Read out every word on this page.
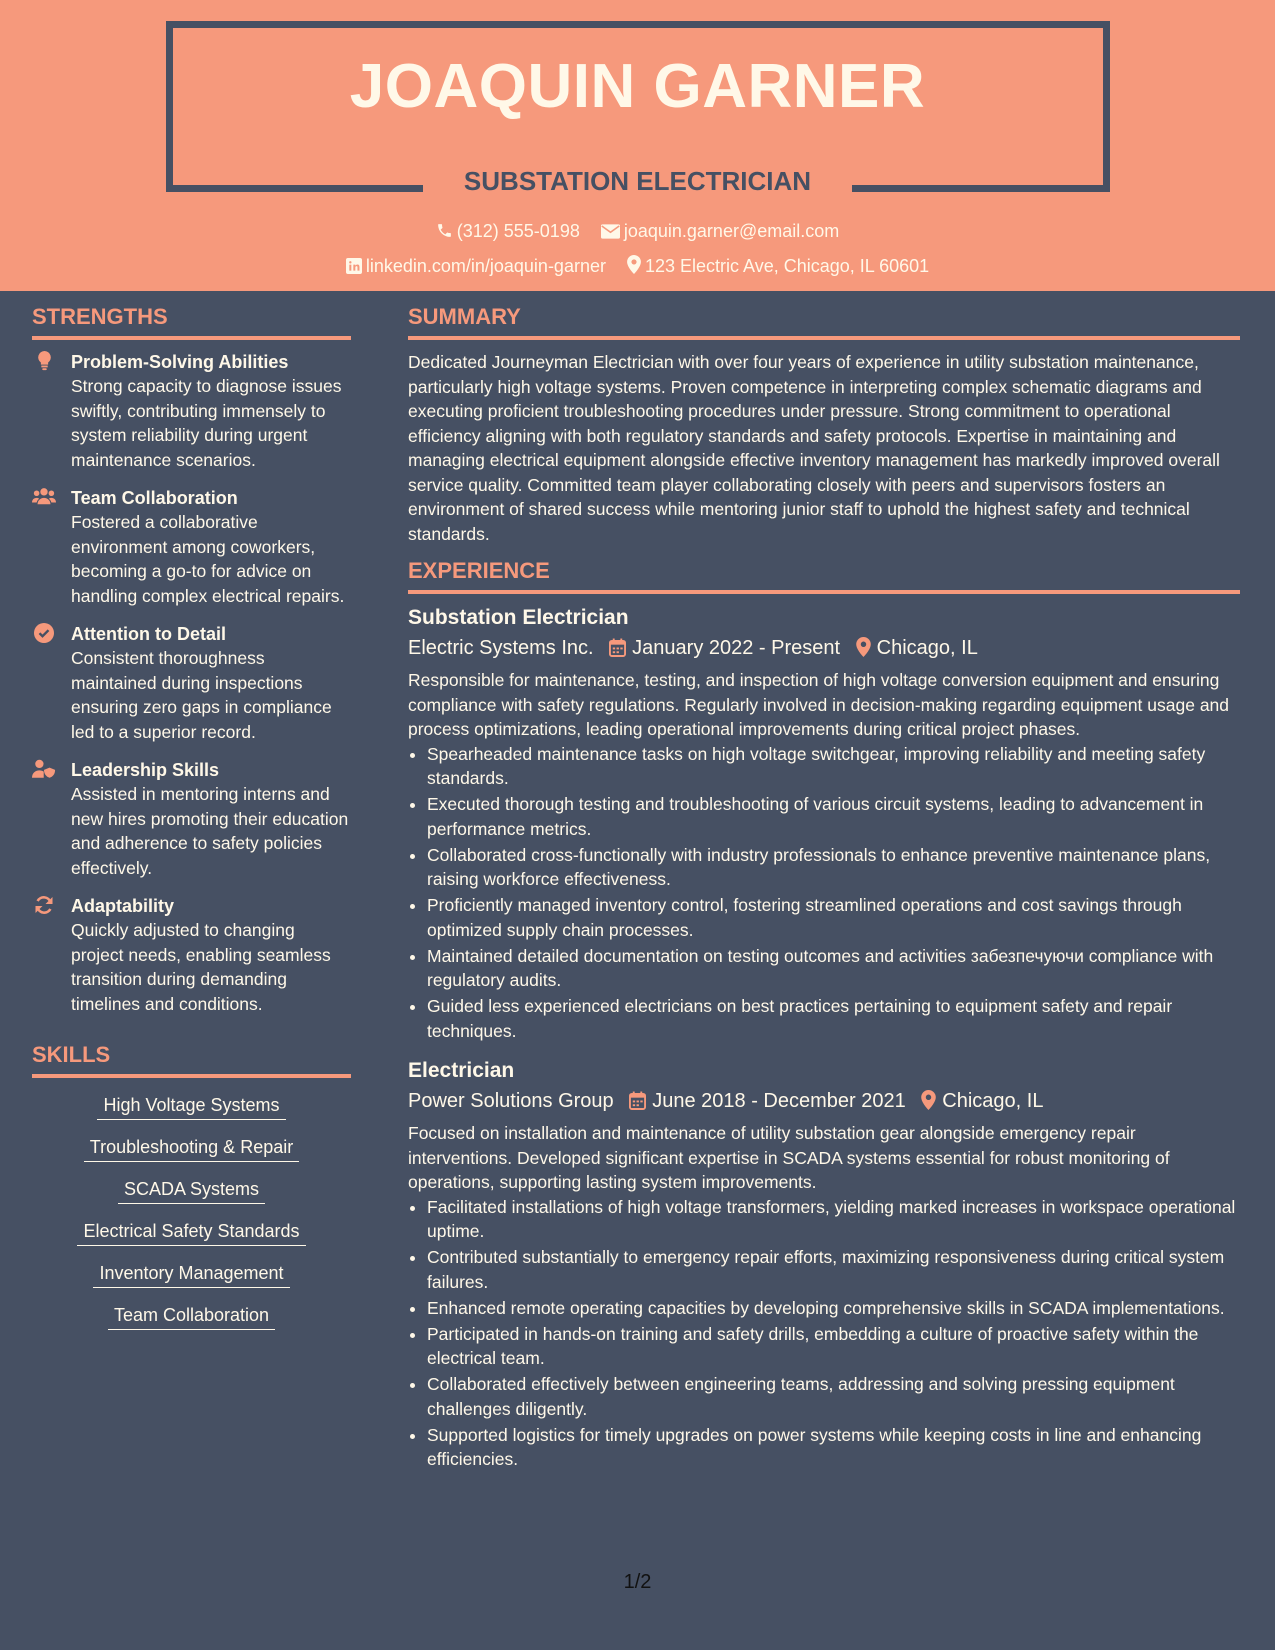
JOAQUIN GARNER
SUBSTATION ELECTRICIAN
(312) 555-0198 joaquin.garner@email.com
linkedin.com/in/joaquin-garner 123 Electric Ave, Chicago, IL 60601
STRENGTHS
Problem-Solving Abilities
Strong capacity to diagnose issues swiftly, contributing immensely to system reliability during urgent maintenance scenarios.
Team Collaboration
Fostered a collaborative environment among coworkers, becoming a go-to for advice on handling complex electrical repairs.
Attention to Detail
Consistent thoroughness maintained during inspections ensuring zero gaps in compliance led to a superior record.
Leadership Skills
Assisted in mentoring interns and new hires promoting their education and adherence to safety policies effectively.
Adaptability
Quickly adjusted to changing project needs, enabling seamless transition during demanding timelines and conditions.
SKILLS
High Voltage Systems
Troubleshooting & Repair
SCADA Systems
Electrical Safety Standards
Inventory Management
Team Collaboration
SUMMARY
Dedicated Journeyman Electrician with over four years of experience in utility substation maintenance, particularly high voltage systems. Proven competence in interpreting complex schematic diagrams and executing proficient troubleshooting procedures under pressure. Strong commitment to operational efficiency aligning with both regulatory standards and safety protocols. Expertise in maintaining and managing electrical equipment alongside effective inventory management has markedly improved overall service quality. Committed team player collaborating closely with peers and supervisors fosters an environment of shared success while mentoring junior staff to uphold the highest safety and technical standards.
EXPERIENCE
Substation Electrician
Electric Systems Inc. January 2022 - Present Chicago, IL
Responsible for maintenance, testing, and inspection of high voltage conversion equipment and ensuring compliance with safety regulations. Regularly involved in decision-making regarding equipment usage and process optimizations, leading operational improvements during critical project phases.
• Spearheaded maintenance tasks on high voltage switchgear, improving reliability and meeting safety standards.
• Executed thorough testing and troubleshooting of various circuit systems, leading to advancement in performance metrics.
• Collaborated cross-functionally with industry professionals to enhance preventive maintenance plans, raising workforce effectiveness.
• Proficiently managed inventory control, fostering streamlined operations and cost savings through optimized supply chain processes.
• Maintained detailed documentation on testing outcomes and activities забезпечуючи compliance with regulatory audits.
• Guided less experienced electricians on best practices pertaining to equipment safety and repair techniques.
Electrician
Power Solutions Group June 2018 - December 2021 Chicago, IL
Focused on installation and maintenance of utility substation gear alongside emergency repair interventions. Developed significant expertise in SCADA systems essential for robust monitoring of operations, supporting lasting system improvements.
• Facilitated installations of high voltage transformers, yielding marked increases in workspace operational uptime.
• Contributed substantially to emergency repair efforts, maximizing responsiveness during critical system failures.
• Enhanced remote operating capacities by developing comprehensive skills in SCADA implementations.
• Participated in hands-on training and safety drills, embedding a culture of proactive safety within the electrical team.
• Collaborated effectively between engineering teams, addressing and solving pressing equipment challenges diligently.
• Supported logistics for timely upgrades on power systems while keeping costs in line and enhancing efficiencies.
1/2
